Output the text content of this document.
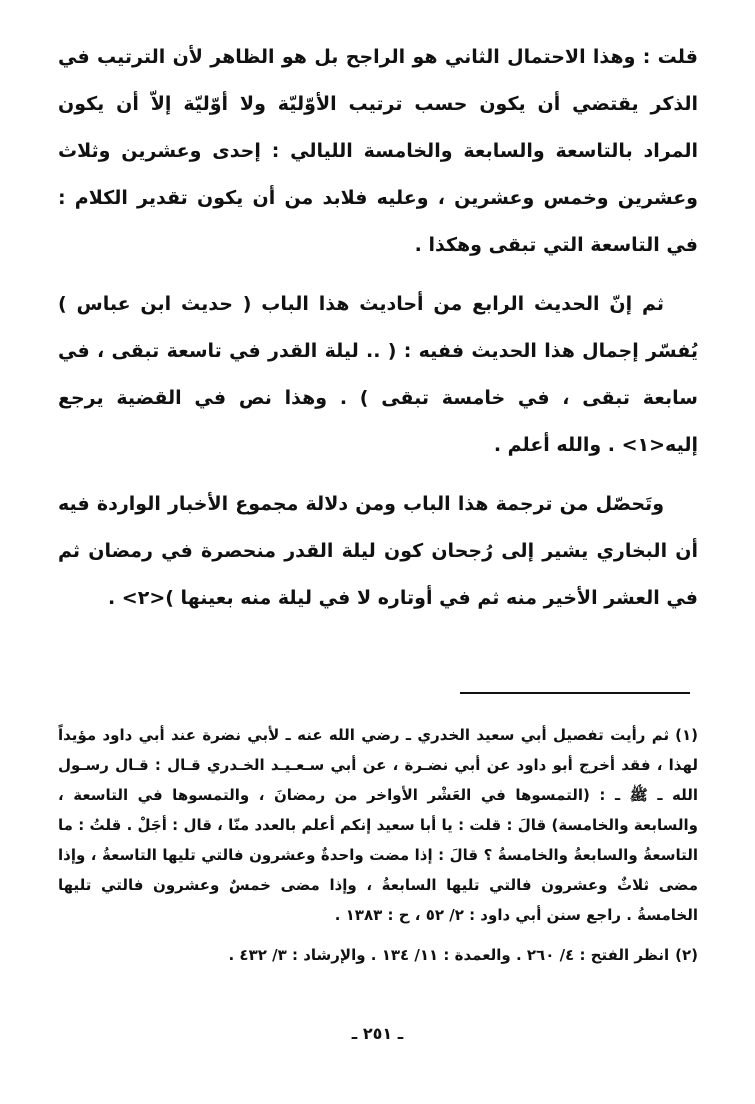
قلت : وهذا الاحتمال الثاني هو الراجح بل هو الظاهر لأن الترتيب في الذكر يقتضي أن يكون حسب ترتيب الأوّليّة ولا أوّليّة إلاّ أن يكون المراد بالتاسعة والسابعة والخامسة الليالي : إحدى وعشرين وثلاث وعشرين وخمس وعشرين ، وعليه فلابد من أن يكون تقدير الكلام : في التاسعة التي تبقى وهكذا .

ثم إنّ الحديث الرابع من أحاديث هذا الباب ( حديث ابن عباس ) يُفسّر إجمال هذا الحديث ففيه : ( .. ليلة القدر في تاسعة تبقى ، في سابعة تبقى ، في خامسة تبقى ) . وهذا نص في القضية يرجع إليه<١> . والله أعلم .

وتَحصّل من ترجمة هذا الباب ومن دلالة مجموع الأخبار الواردة فيه أن البخاري يشير إلى رُجحان كون ليلة القدر منحصرة في رمضان ثم في العشر الأخير منه ثم في أوتاره لا في ليلة منه بعينها )<٢> .

(١)ثم رأيت تفصيل أبي سعيد الخدري ـ رضي الله عنه ـ لأبي نضرة عند أبي داود مؤيداً لهذا ، فقد أخرج أبو داود عن أبي نضـرة ، عن أبي سـعـيـد الخـدري قـال : قـال رسـول الله ـ ﷺ ـ : (التمسوها في العَشْر الأواخر من رمضانَ ، والتمسوها في التاسعة ، والسابعة والخامسة) قالَ : قلت : يا أبا سعيد إنكم أعلم بالعدد منّا ، قال : أجَلْ . قلتُ : ما التاسعةُ والسابعةُ والخامسةُ ؟ قالَ : إذا مضت واحدةٌ وعشرون فالتي تليها التاسعةُ ، وإذا مضى ثلاثٌ وعشرون فالتي تليها السابعةُ ، وإذا مضى خمسٌ وعشرون فالتي تليها الخامسةُ . راجع سنن أبي داود : ٢/ ٥٢ ، ح : ١٣٨٣ .

(٢)انظر الفتح : ٤/ ٢٦٠ . والعمدة : ١١/ ١٣٤ . والإرشاد : ٣/ ٤٣٢ .

ـ ٢٥١ ـ
